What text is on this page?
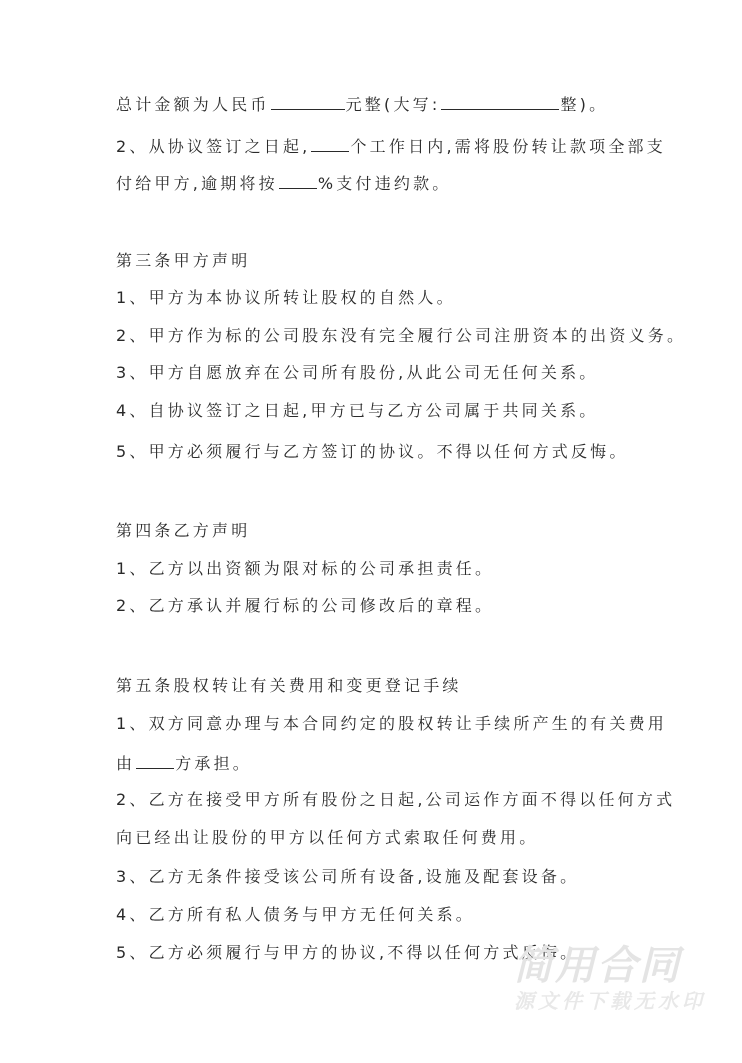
总计金额为人民币	元整(大写:	整)。
2、从协议签订之日起,	个工作日内,需将股份转让款项全部支
付给甲方,逾期将按	%支付违约款。
第三条甲方声明
1、甲方为本协议所转让股权的自然人。
2、甲方作为标的公司股东没有完全履行公司注册资本的出资义务。
3、甲方自愿放弃在公司所有股份,从此公司无任何关系。
4、自协议签订之日起,甲方已与乙方公司属于共同关系。
5、甲方必须履行与乙方签订的协议。不得以任何方式反悔。
第四条乙方声明
1、乙方以出资额为限对标的公司承担责任。
2、乙方承认并履行标的公司修改后的章程。
第五条股权转让有关费用和变更登记手续
1、双方同意办理与本合同约定的股权转让手续所产生的有关费用
由	方承担。
2、乙方在接受甲方所有股份之日起,公司运作方面不得以任何方式
向已经出让股份的甲方以任何方式索取任何费用。
3、乙方无条件接受该公司所有设备,设施及配套设备。
4、乙方所有私人债务与甲方无任何关系。
5、乙方必须履行与甲方的协议,不得以任何方式反悔。
简用合同
源文件下载无水印
